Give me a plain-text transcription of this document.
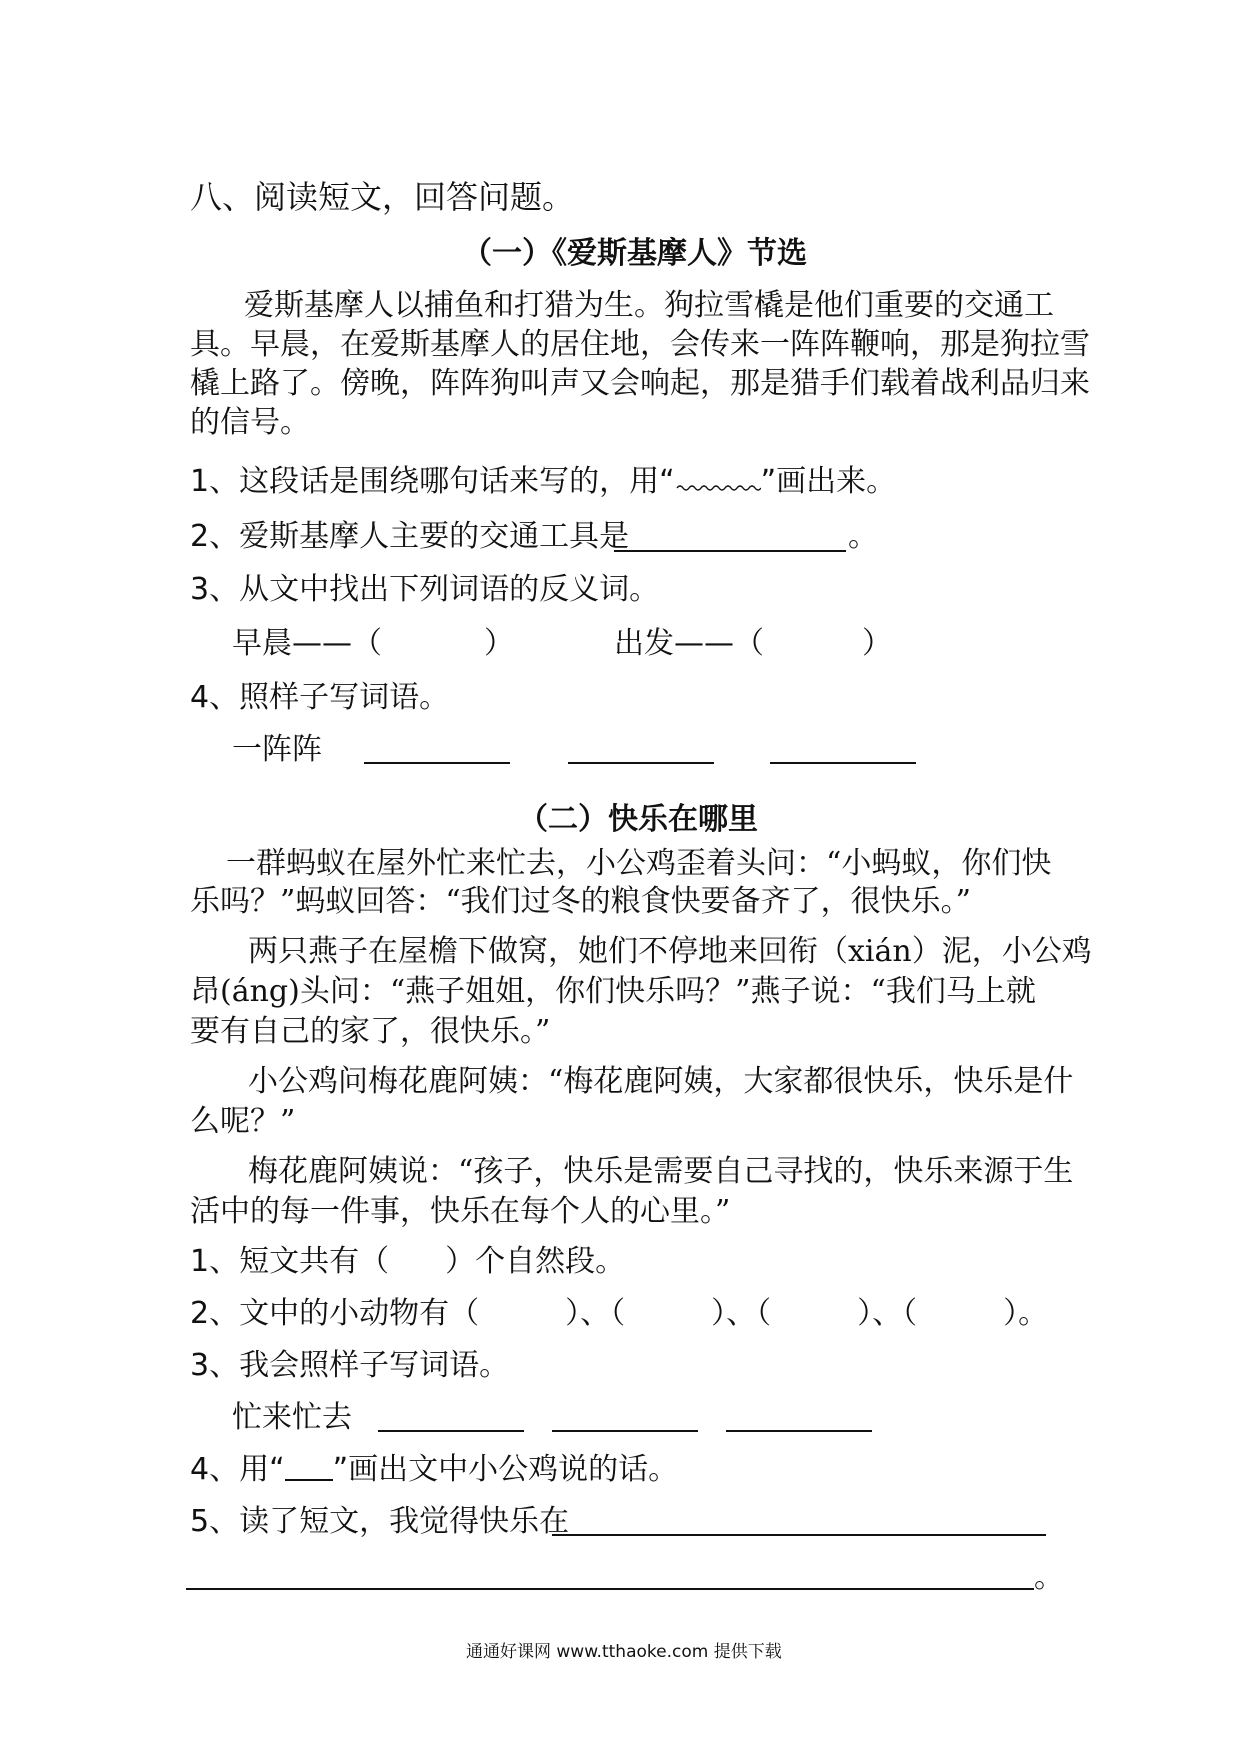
八、阅读短文，回答问题。
（一）《爱斯基摩人》节选
爱斯基摩人以捕鱼和打猎为生。狗拉雪橇是他们重要的交通工
具。早晨，在爱斯基摩人的居住地，会传来一阵阵鞭响，那是狗拉雪
橇上路了。傍晚，阵阵狗叫声又会响起，那是猎手们载着战利品归来
的信号。
1、这段话是围绕哪句话来写的，用“	”画出来。
2、爱斯基摩人主要的交通工具是	。
3、从文中找出下列词语的反义词。
早晨——（	）	出发——（	）
4、照样子写词语。
一阵阵
（二）快乐在哪里
一群蚂蚁在屋外忙来忙去，小公鸡歪着头问：“小蚂蚁，你们快
乐吗？”蚂蚁回答：“我们过冬的粮食快要备齐了，很快乐。”
两只燕子在屋檐下做窝，她们不停地来回衔（xián）泥，小公鸡
昂(áng)头问：“燕子姐姐，你们快乐吗？”燕子说：“我们马上就
要有自己的家了，很快乐。”
小公鸡问梅花鹿阿姨：“梅花鹿阿姨，大家都很快乐，快乐是什
么呢？”
梅花鹿阿姨说：“孩子，快乐是需要自己寻找的，快乐来源于生
活中的每一件事，快乐在每个人的心里。”
1、短文共有（ ）个自然段。
2、文中的小动物有（	）、（	）、（	）、（	）。
3、我会照样子写词语。
忙来忙去
4、用“ ”画出文中小公鸡说的话。
5、读了短文，我觉得快乐在
。
通通好课网 www.tthaoke.com 提供下载
